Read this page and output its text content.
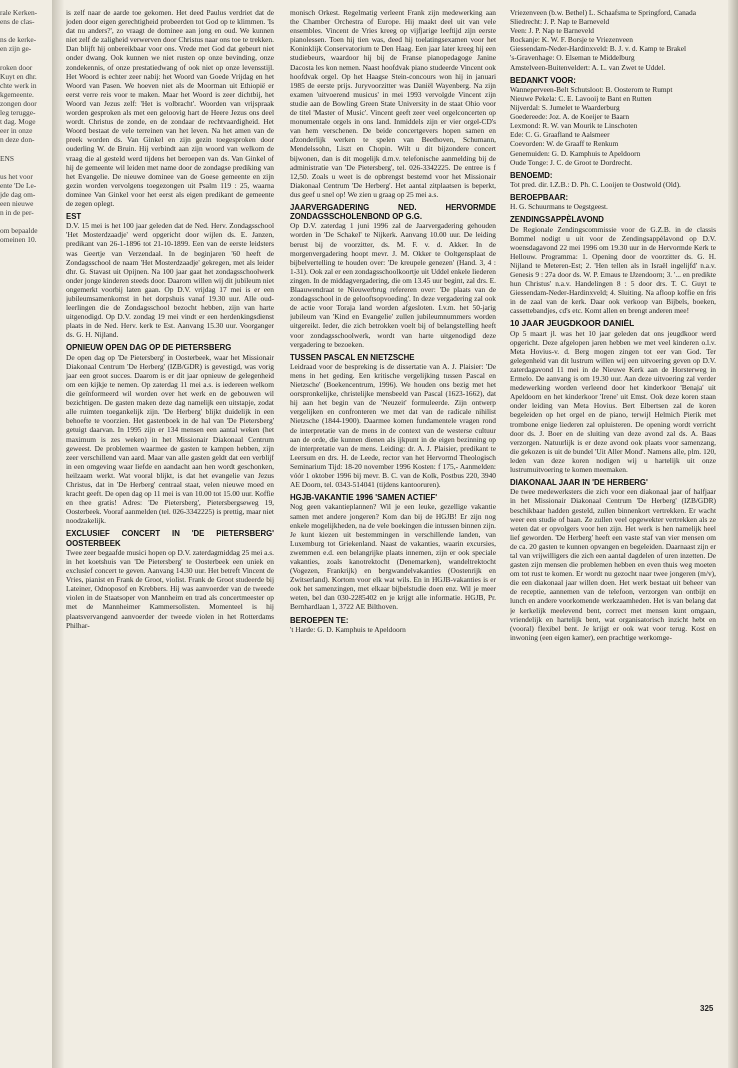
rale Kerken-
ens de clas-
ns de kerke-
en zijn ge-
roken door
Kuyt en dhr.
chte werk in
kgemeente.
zongen door
leg terugge-
t dag. Moge
eer in onze
n deze don-
ENS
us het voor
ente 'De Le-
jde dag om-
een nieuwe
n in de per-
om bepaalde
omeinen 10.

is zelf naar de aarde toe gekomen. Het deed Paulus verdriet dat de joden door eigen gerechtigheid probeerden tot God op te klimmen. 'Is dat nu anders?', zo vraagt de dominee aan jong en oud. We kunnen niet zelf de zaligheid verwerven door Christus naar ons toe te trekken. Dan blijft hij onbereikbaar voor ons. Vrede met God dat gebeurt niet onder dwang. Ook kunnen we niet rusten op onze bevinding, onze zondekennis, of onze prestatiedwang of ook niet op onze levensstijl. Het Woord is echter zeer nabij: het Woord van Goede Vrijdag en het Woord van Pasen. We hoeven niet als de Moorman uit Ethiopië er eerst verre reis voor te maken. Maar het Woord is zeer dichtbij, het Woord van Jezus zelf: 'Het is volbracht'. Woorden van vrijspraak worden gesproken als met een geloovig hart de Heere Jezus ons deel wordt. Christus de zonde, en de zondaar de rechtvaardigheid. Het Woord bestaat de vele terreinen van het leven. Na het amen van de preek worden ds. Van Ginkel en zijn gezin toegesproken door ouderling W. de Bruin. Hij verbindt aan zijn woord van welkom de vraag die al gesteld werd tijdens het beroepen van ds. Van Ginkel of hij de gemeente wil leiden met name door de zondagse prediking van het Evangelie. De nieuwe dominee van de Goese gemeente en zijn gezin worden vervolgens toegezongen uit Psalm 119 : 25, waarna dominee Van Ginkel voor het eerst als eigen predikant de gemeente de zegen oplegt.

EST

D.V. 15 mei is het 100 jaar geleden dat de Ned. Herv. Zondagsschool 'Het Mosterdzaadje' werd opgericht door wijlen ds. E. Janzen, predikant van 26-1-1896 tot 21-10-1899. Een van de eerste leidsters was Geertje van Verzendaal. In de beginjaren '60 heeft de Zondagsschool de naam 'Het Mosterdzaadje' gekregen, met als leider dhr. G. Stavast uit Opijnen. Na 100 jaar gaat het zondagsschoolwerk onder jonge kinderen steeds door. Daarom willen wij dit jubileum niet ongemerkt voorbij laten gaan. Op D.V. vrijdag 17 mei is er een jubileumsamenkomst in het dorpshuis vanaf 19.30 uur. Alle oud-leerlingen die de Zondagsschool bezocht hebben, zijn van harte uitgenodigd. Op D.V. zondag 19 mei vindt er een herdenkingsdienst plaats in de Ned. Herv. kerk te Est. Aanvang 15.30 uur. Voorganger ds. G. H. Nijland.

OPNIEUW OPEN DAG OP DE PIETERSBERG

De open dag op 'De Pietersberg' in Oosterbeek, waar het Missionair Diakonaal Centrum 'De Herberg' (IZB/GDR) is gevestigd, was vorig jaar een groot succes. Daarom is er dit jaar opnieuw de gelegenheid om een kijkje te nemen. Op zaterdag 11 mei a.s. is iedereen welkom die geïnformeerd wil worden over het werk en de gebouwen wil bezichtigen. De gasten maken deze dag namelijk een uitstapje, zodat alle ruimten toegankelijk zijn. 'De Herberg' blijkt duidelijk in een behoefte te voorzien. Het gastenboek in de hal van 'De Pietersberg' getuigt daarvan. In 1995 zijn er 134 mensen een aantal weken (het maximum is zes weken) in het Missionair Diakonaal Centrum geweest. De problemen waarmee de gasten te kampen hebben, zijn zeer verschillend van aard. Maar van alle gasten geldt dat een verblijf in een omgeving waar liefde en aandacht aan hen wordt geschonken, heilzaam werkt. Wat vooral blijkt, is dat het evangelie van Jezus Christus, dat in 'De Herberg' centraal staat, velen nieuwe moed en kracht geeft. De open dag op 11 mei is van 10.00 tot 15.00 uur. Koffie en thee gratis! Adres: 'De Pietersberg', Pietersbergseweg 19, Oosterbeek. Vooraf aanmelden (tel. 026-3342225) is prettig, maar niet noodzakelijk.

EXCLUSIEF CONCERT IN 'DE PIETERSBERG' OOSTERBEEK

Twee zeer begaafde musici hopen op D.V. zaterdagmiddag 25 mei a.s. in het koetshuis van 'De Pietersberg' te Oosterbeek een uniek en exclusief concert te geven. Aanvang 14.30 uur. Het betreft Vincent de Vries, pianist en Frank de Groot, violist. Frank de Groot studeerde bij Lateiner, Odnoposof en Krebbers. Hij was aanvoerder van de tweede violen in de Staatsoper von Mannheim en trad als concertmeester op met de Mannheimer Kammersolisten. Momenteel is hij plaatsvervangend aanvoerder der tweede violen in het Rotterdams Philhar-

monisch Orkest. Regelmatig verleent Frank zijn medewerking aan the Chamber Orchestra of Europe. Hij maakt deel uit van vele ensembles. Vincent de Vries kreeg op vijfjarige leeftijd zijn eerste pianolessen. Toen hij tien was, deed hij toelatingsexamen voor het Koninklijk Conservatorium te Den Haag. Een jaar later kreeg hij een studiebeurs, waardoor hij bij de Franse pianopedagoge Janine Dacosta les kon nemen. Naast hoofdvak piano studeerde Vincent ook hoofdvak orgel. Op het Haagse Stein-concours won hij in januari 1985 de eerste prijs. Juryvoorzitter was Daniël Wayenberg. Na zijn examen 'uitvoerend musicus' in mei 1993 vervolgde Vincent zijn studie aan de Bowling Green State University in de staat Ohio voor de titel 'Master of Music'. Vincent geeft zeer veel orgelconcerten op monumentale orgels in ons land. Inmiddels zijn er vier orgel-CD's van hem verschenen. De beide concertgevers hopen samen en afzonderlijk werken te spelen van Beethoven, Schumann, Mendelssohn, Liszt en Chopin. Wilt u dit bijzondere concert bijwonen, dan is dit mogelijk d.m.v. telefonische aanmelding bij de administratie van 'De Pietersberg', tel. 026-3342225. De entree is f 12,50. Zoals u weet is de opbrengst bestemd voor het Missionair Diakonaal Centrum 'De Herberg'. Het aantal zitplaatsen is beperkt, dus geef u snel op! We zien u graag op 25 mei a.s.

JAARVERGADERING NED. HERVORMDE ZONDAGSSCHOLENBOND OP G.G.

Op D.V. zaterdag 1 juni 1996 zal de Jaarvergadering gehouden worden in 'De Schakel' te Nijkerk. Aanvang 10.00 uur. De leiding berust bij de voorzitter, ds. M. F. v. d. Akker. In de morgenvergadering hoopt mevr. J. M. Okker te Ooltgensplaat de bijbelvertelling te houden over: 'De kreupele genezen' (Hand. 3, 4 : 1-31). Ook zal er een zondagsschoolkoortje uit Uddel enkele liederen zingen. In de middagvergadering, die om 13.45 uur begint, zal drs. E. Blaauwendraat te Nieuwerbrug refereren over: 'De plaats van de zondagsschool in de gelooftsopvoeding'. In deze vergadering zal ook de actie voor Toraja land worden afgesloten. I.v.m. het 50-jarig jubileum van 'Kind en Evangelie' zullen jubileumnummers worden uitgereikt. Ieder, die zich betrokken voelt bij of belangstelling heeft voor zondagsschoolwerk, wordt van harte uitgenodigd deze vergadering te bezoeken.

TUSSEN PASCAL EN NIETZSCHE

Leidraad voor de bespreking is de dissertatie van A. J. Plaisier: 'De mens in het geding. Een kritische vergelijking tussen Pascal en Nietzsche' (Boekencentrum, 1996). We houden ons bezig met het oorspronkelijke, christelijke mensbeeld van Pascal (1623-1662), dat hij aan het begin van de 'Neuzeit' formuleerde. Zijn ontwerp vergelijken en confronteren we met dat van de radicale nihilist Nietzsche (1844-1900). Daarmee komen fundamentele vragen rond de interpretatie van de mens in de context van de westerse cultuur aan de orde, die kunnen dienen als ijkpunt in de eigen bezinning op de interpretatie van de mens. Leiding: dr. A. J. Plaisier, predikant te Leersum en drs. H. de Leede, rector van het Hervormd Theologisch Seminarium Tijd: 18-20 november 1996 Kosten: f 175,- Aanmelden: vóór 1 oktober 1996 bij mevr. B. C. van de Kolk, Postbus 220, 3940 AE Doorn, tel. 0343-514041 (tijdens kantooruren).

HGJB-VAKANTIE 1996 'SAMEN ACTIEF'

Nog geen vakantieplannen? Wil je een leuke, gezellige vakantie samen met andere jongeren? Kom dan bij de HGJB! Er zijn nog enkele mogelijkheden, na de vele boekingen die intussen binnen zijn. Je kunt kiezen uit bestemmingen in verschillende landen, van Luxemburg tot Griekenland. Naast de vakanties, waarin excursies, zwemmen e.d. een belangrijke plaats innemen, zijn er ook speciale vakanties, zoals kanotrektocht (Denemarken), wandeltrektocht (Vogezen, Frankrijk) en bergwandelvakanties (Oostenrijk en Zwitserland). Kortom voor elk wat wils. En in HGJB-vakanties is er ook het samenzingen, met elkaar bijbelstudie doen enz. Wil je meer weten, bel dan 030-2285402 en je krijgt alle informatie. HGJB, Pr. Bernhardlaan 1, 3722 AE Bilthoven.

BEROEPEN TE:

't Harde: G. D. Kamphuis te Apeldoorn

Vriezenveen (b.w. Bethel) L. Schaafsma te Springford, Canada

Sliedrecht: J. P. Nap te Barneveld

Veen: J. P. Nap te Barneveld

Rockanje: K. W. F. Borsje te Vriezenveen

Giessendam-Neder-Hardinxveld: B. J. v. d. Kamp te Brakel

's-Gravenhage: O. Elseman te Middelburg

Amstelveen-Buitenveldert: A. L. van Zwet te Uddel.

BEDANKT VOOR:

Wanneperveen-Belt Schutsloot: B. Oosterom te Rumpt

Nieuwe Pekela: C. E. Lavooij te Bant en Rutten

Nijverdal: S. Jumelet te Waarderburg

Goedereede: Joz. A. de Koeijer te Baarn

Lexmond: R. W. van Mourik te Linschoten

Ede: C. G. Graafland te Aalsmeer

Coevorden: W. de Graaff te Renkum

Genemuiden: G. D. Kamphuis te Apeldoorn

Oude Tonge: J. C. de Groot te Dordrecht.

BENOEMD:

Tot pred. dir. I.Z.B.: D. Ph. C. Looijen te Oostwold (Old).

BEROEPBAAR:

H. G. Schuurmans te Oegstgeest.

ZENDINGSAPPÈLAVOND

De Regionale Zendingscommissie voor de G.Z.B. in de classis Bommel nodigt u uit voor de Zendingsappèlavond op D.V. woensdagavond 22 mei 1996 om 19.30 uur in de Hervormde Kerk te Hellouw. Programma: 1. Opening door de voorzitter ds. G. H. Nijland te Meteren-Est; 2. 'Hen tellen als in Israël ingelijfd' n.a.v. Genesis 9 : 27a door ds. W. P. Emaus te IJzendoorn; 3. '... en predikte hun Christus' n.a.v. Handelingen 8 : 5 door drs. T. C. Guyt te Giessendam-Neder-Hardinxveld; 4. Sluiting. Na afloop koffie en fris in de zaal van de kerk. Daar ook verkoop van Bijbels, boeken, cassettebandjes, cd's etc. Komt allen en brengt anderen mee!

10 JAAR JEUGDKOOR DANIËL

Op 5 maart jl. was het 10 jaar geleden dat ons jeugdkoor werd opgericht. Deze afgelopen jaren hebben we met veel kinderen o.l.v. Meta Hovius-v. d. Berg mogen zingen tot eer van God. Ter gelegenheid van dit lustrum willen wij een uitvoering geven op D.V. zaterdagavond 11 mei in de Nieuwe Kerk aan de Horsterweg in Ermelo. De aanvang is om 19.30 uur. Aan deze uitvoering zal verder medewerking worden verleend door het kinderkoor 'Benaja' uit Apeldoorn en het kinderkoor 'Irene' uit Emst. Ook deze koren staan onder leiding van Meta Hovius. Bert Elbertsen zal de koren begeleiden op het orgel en de piano, terwijl Helmich Pierik met trombone enige liederen zal opluisteren. De opening wordt verricht door ds. J. Boer en de sluiting van deze avond zal ds. A. Baas verzorgen. Natuurlijk is er deze avond ook plaats voor samenzang, die gekozen is uit de bundel 'Uit Aller Mond'. Namens alle, plm. 120, leden van deze koren nodigen wij u hartelijk uit onze lustrumuitvoering te komen meemaken.

DIAKONAAL JAAR IN 'DE HERBERG'

De twee medewerksters die zich voor een diakonaal jaar of halfjaar in het Missionair Diakonaal Centrum 'De Herberg' (IZB/GDR) beschikbaar hadden gesteld, zullen binnenkort vertrekken. Er wacht weer een studie of baan. Ze zullen veel opgewekter vertrekken als ze weten dat er opvolgers voor hen zijn. Het werk is hen namelijk heel lief geworden. 'De Herberg' heeft een vaste staf van vier mensen om de ca. 20 gasten te kunnen opvangen en begeleiden. Daarnaast zijn er tal van vrijwilligers die zich een aantal dagdelen of uren inzetten. De gasten zijn mensen die problemen hebben en even thuis weg moeten om tot rust te komen. Er wordt nu gezocht naar twee jongeren (m/v), die een diakonaal jaar willen doen. Het werk bestaat uit beheer van de receptie, aannemen van de telefoon, verzorgen van ontbijt en lunch en andere voorkomende werkzaamheden. Het is van belang dat je kerkelijk meelevend bent, correct met mensen kunt omgaan, vriendelijk en hartelijk bent, wat organisatorisch inzicht hebt en (vooral) flexibel bent. Je krijgt er ook wat voor terug. Kost en inwoning (een eigen kamer), een prachtige werkomge-

325
